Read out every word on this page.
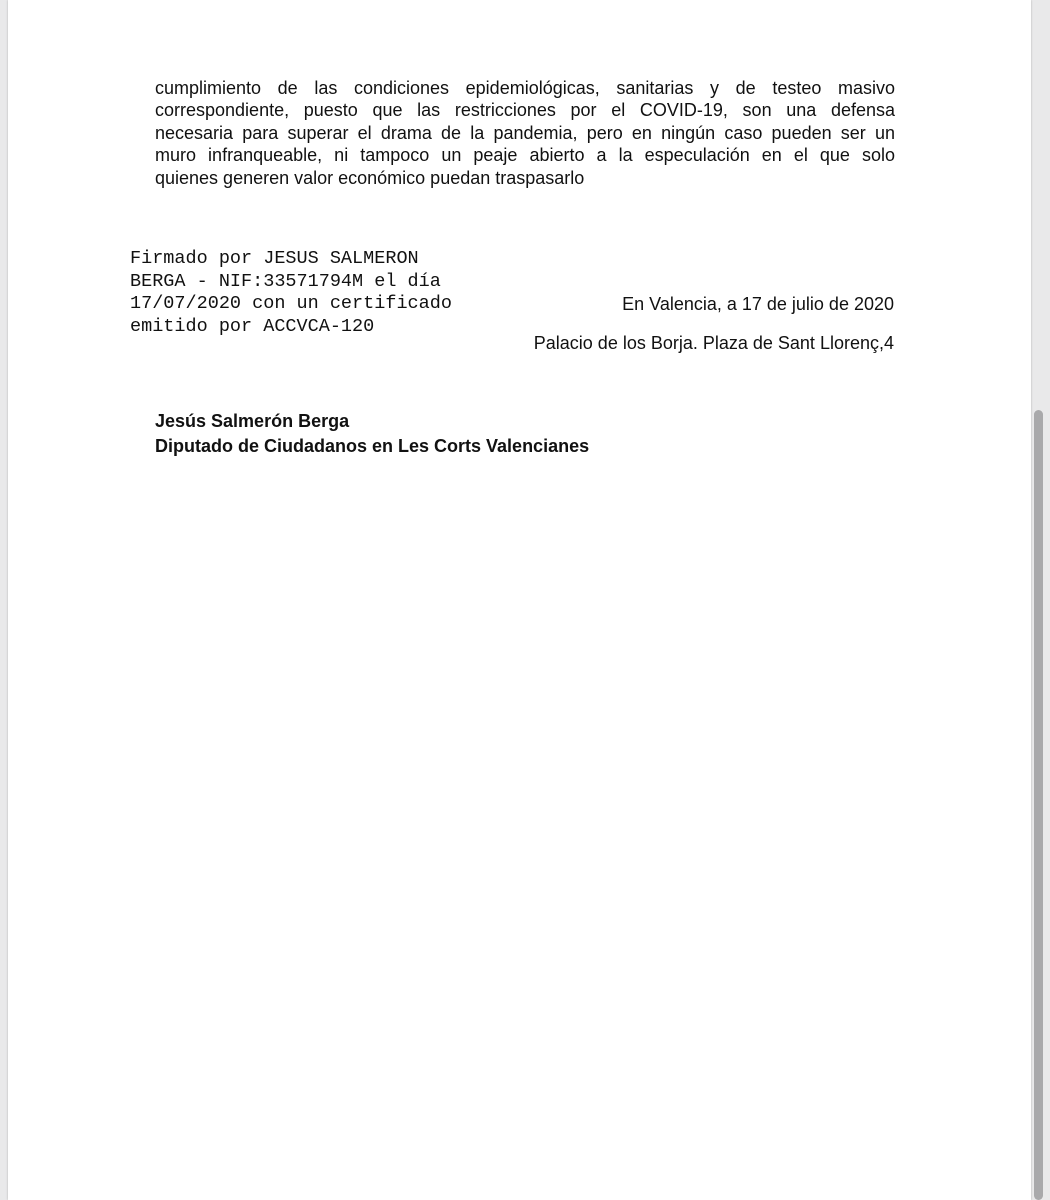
cumplimiento de las condiciones epidemiológicas, sanitarias y de testeo masivo
correspondiente, puesto que las restricciones por el COVID-19, son una defensa
necesaria para superar el drama de la pandemia, pero en ningún caso pueden ser un
muro infranqueable, ni tampoco un peaje abierto a la especulación en el que solo
quienes generen valor económico puedan traspasarlo
Firmado por JESUS SALMERON
BERGA - NIF:33571794M el día
17/07/2020 con un certificado
emitido por ACCVCA-120
En Valencia, a 17 de julio de 2020
Palacio de los Borja. Plaza de Sant Llorenç,4
Jesús Salmerón Berga
Diputado de Ciudadanos en Les Corts Valencianes
